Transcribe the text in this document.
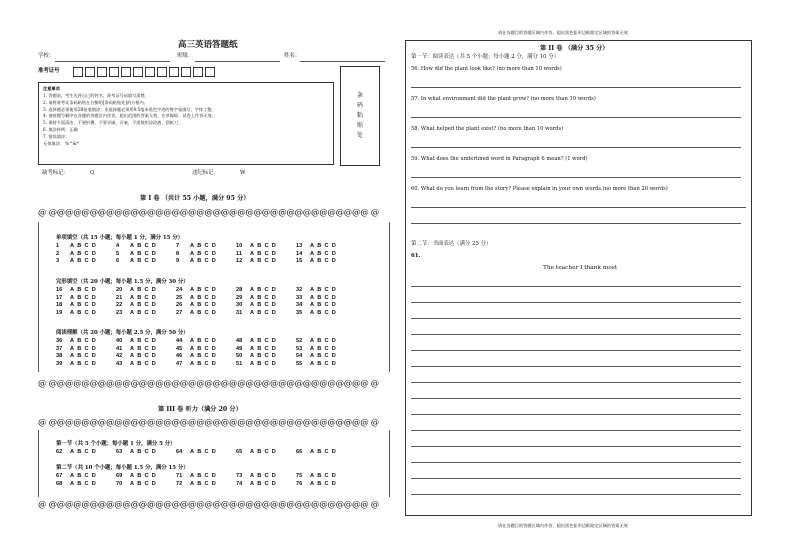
请在各题目的答题区域内作答，超出黑色矩形边框限定区域的答案无效
请在各题目的答题区域内作答，超出黑色矩形边框限定区域的答案无效
高三英语答题纸
学校：	班级：	姓名：
准考证号
注意事项
1. 答题前，考生先将自己的姓名、准考证号码填写清楚。
2. 请将准考证条码粘贴在右侧的[条码粘贴处]的方框内。
3. 选择题必须使用2B铅笔填涂；非选择题必须用0.5毫米黑色字迹的签字笔填写，字体工整。
4. 请按题号顺序在各题的答题区内作答，超出范围的答案无效，在草稿纸、试卷上作答无效。
5. 保持卡面清洁，不要折叠、不要弄破、弄皱，不准使用涂改液、刮纸刀。
6. 填涂样例：正确
7. 错误填涂：
无效填涂： %^&*
条
码
粘
贴
处
缺考标记：	Q	违纪标记：	W
第 I 卷 （共计 55 小题，满分 95 分）
@ @@@@@@@@@@@@@@@@@@@@@@@@@@@@@@@@@@@@@@@ @
单项填空（共 15 小题；每小题 1 分，满分 15 分）
1	A B C D	4	A B C D	7	A B C D	10	A B C D	13	A B C D
2	A B C D	5	A B C D	8	A B C D	11	A B C D	14	A B C D
3	A B C D	6	A B C D	9	A B C D	12	A B C D	15	A B C D
完形填空（共 20 小题；每小题 1.5 分，满分 30 分）
16	A B C D	20	A B C D	24	A B C D	28	A B C D	32	A B C D
17	A B C D	21	A B C D	25	A B C D	29	A B C D	33	A B C D
18	A B C D	22	A B C D	26	A B C D	30	A B C D	34	A B C D
19	A B C D	23	A B C D	27	A B C D	31	A B C D	35	A B C D
阅读理解（共 20 小题；每小题 2.5 分，满分 50 分）
36	A B C D	40	A B C D	44	A B C D	48	A B C D	52	A B C D
37	A B C D	41	A B C D	45	A B C D	49	A B C D	53	A B C D
38	A B C D	42	A B C D	46	A B C D	50	A B C D	54	A B C D
39	A B C D	43	A B C D	47	A B C D	51	A B C D	55	A B C D
@ @@@@@@@@@@@@@@@@@@@@@@@@@@@@@@@@@@@@@@@ @
第 III 卷 听力（满分 20 分）
@ @@@@@@@@@@@@@@@@@@@@@@@@@@@@@@@@@@@@@@@ @
第一节（共 5 个小题；每小题 1 分，满分 5 分）
62	A B C D	63	A B C D	64	A B C D	65	A B C D	66	A B C D
第二节（共 10 个小题；每小题 1.5 分，满分 15 分）
67	A B C D	69	A B C D	71	A B C D	73	A B C D	75	A B C D
68	A B C D	70	A B C D	72	A B C D	74	A B C D	76	A B C D
@ @@@@@@@@@@@@@@@@@@@@@@@@@@@@@@@@@@@@@@@ @
第 II 卷 （满分 35 分）
第一节：阅读表达（共 5 个小题；每小题 2 分，满分 10 分）
56. How did the plant look like? (no more than 10 words)
57. In what environment did the plant grow? (no more than 10 words)
58. What helped the plant exist? (no more than 10 words)
59. What does the underlined word in Paragraph 6 mean? (1 word)
60. What do you learn from the story? Please explain in your own words.(no more than 20 words)
第二节：书面表达（满分 25 分）
61.
The teacher I thank most
